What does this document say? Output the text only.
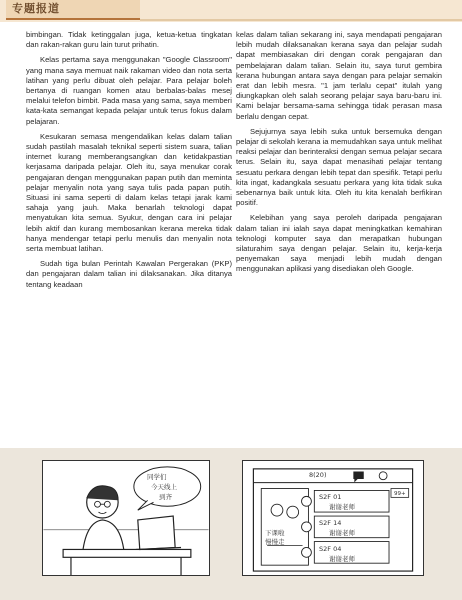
专题报道

bimbingan. Tidak ketinggalan juga, ketua-ketua tingkatan dan rakan-rakan guru lain turut prihatin.

Kelas pertama saya menggunakan "Google Classroom" yang mana saya memuat naik rakaman video dan nota serta latihan yang perlu dibuat oleh pelajar. Para pelajar boleh bertanya di ruangan komen atau berbalas-balas mesej melalui telefon bimbit. Pada masa yang sama, saya memberi kata-kata semangat kepada pelajar untuk terus fokus dalam pelajaran.

Kesukaran semasa mengendalikan kelas dalam talian sudah pastilah masalah teknikal seperti sistem suara, talian internet kurang memberangsangkan dan ketidakpastian kerjasama daripada pelajar. Oleh itu, saya menukar corak pengajaran dengan menggunakan papan putih dan meminta pelajar menyalin nota yang saya tulis pada papan putih. Situasi ini sama seperti di dalam kelas tetapi jarak kami sahaja yang jauh. Maka benarlah teknologi dapat menyatukan kita semua. Syukur, dengan cara ini pelajar lebih aktif dan kurang membosankan kerana mereka tidak hanya mendengar tetapi perlu menulis dan menyalin nota serta membuat latihan.

Sudah tiga bulan Perintah Kawalan Pergerakan (PKP) dan pengajaran dalam talian ini dilaksanakan. Jika ditanya tentang keadaan

kelas dalam talian sekarang ini, saya mendapati pengajaran lebih mudah dilaksanakan kerana saya dan pelajar sudah dapat membiasakan diri dengan corak pengajaran dan pembelajaran dalam talian. Selain itu, saya turut gembira kerana hubungan antara saya dengan para pelajar semakin erat dan lebih mesra. "1 jam terlalu cepat" itulah yang diungkapkan oleh salah seorang pelajar saya baru-baru ini. Kami belajar bersama-sama sehingga tidak perasan masa berlalu dengan cepat.

Sejujurnya saya lebih suka untuk bersemuka dengan pelajar di sekolah kerana ia memudahkan saya untuk melihat reaksi pelajar dan berinteraksi dengan semua pelajar secara terus. Selain itu, saya dapat menasihati pelajar tentang sesuatu perkara dengan lebih tepat dan spesifik. Tetapi perlu kita ingat, kadangkala sesuatu perkara yang kita tidak suka sebenarnya baik untuk kita. Oleh itu kita kenalah berfikiran positif.

Kelebihan yang saya peroleh daripada pengajaran dalam talian ini ialah saya dapat meningkatkan kemahiran teknologi komputer saya dan merapatkan hubungan silaturahim saya dengan pelajar. Selain itu, kerja-kerja penyemakan saya menjadi lebih mudah dengan menggunakan aplikasi yang disediakan oleh Google.

同学们
今天线上
到齐
8(20)
99+
S2F 01
谢谢老师
S2F 14
谢谢老师
S2F 04
谢谢老师
下课啦
慢慢走
